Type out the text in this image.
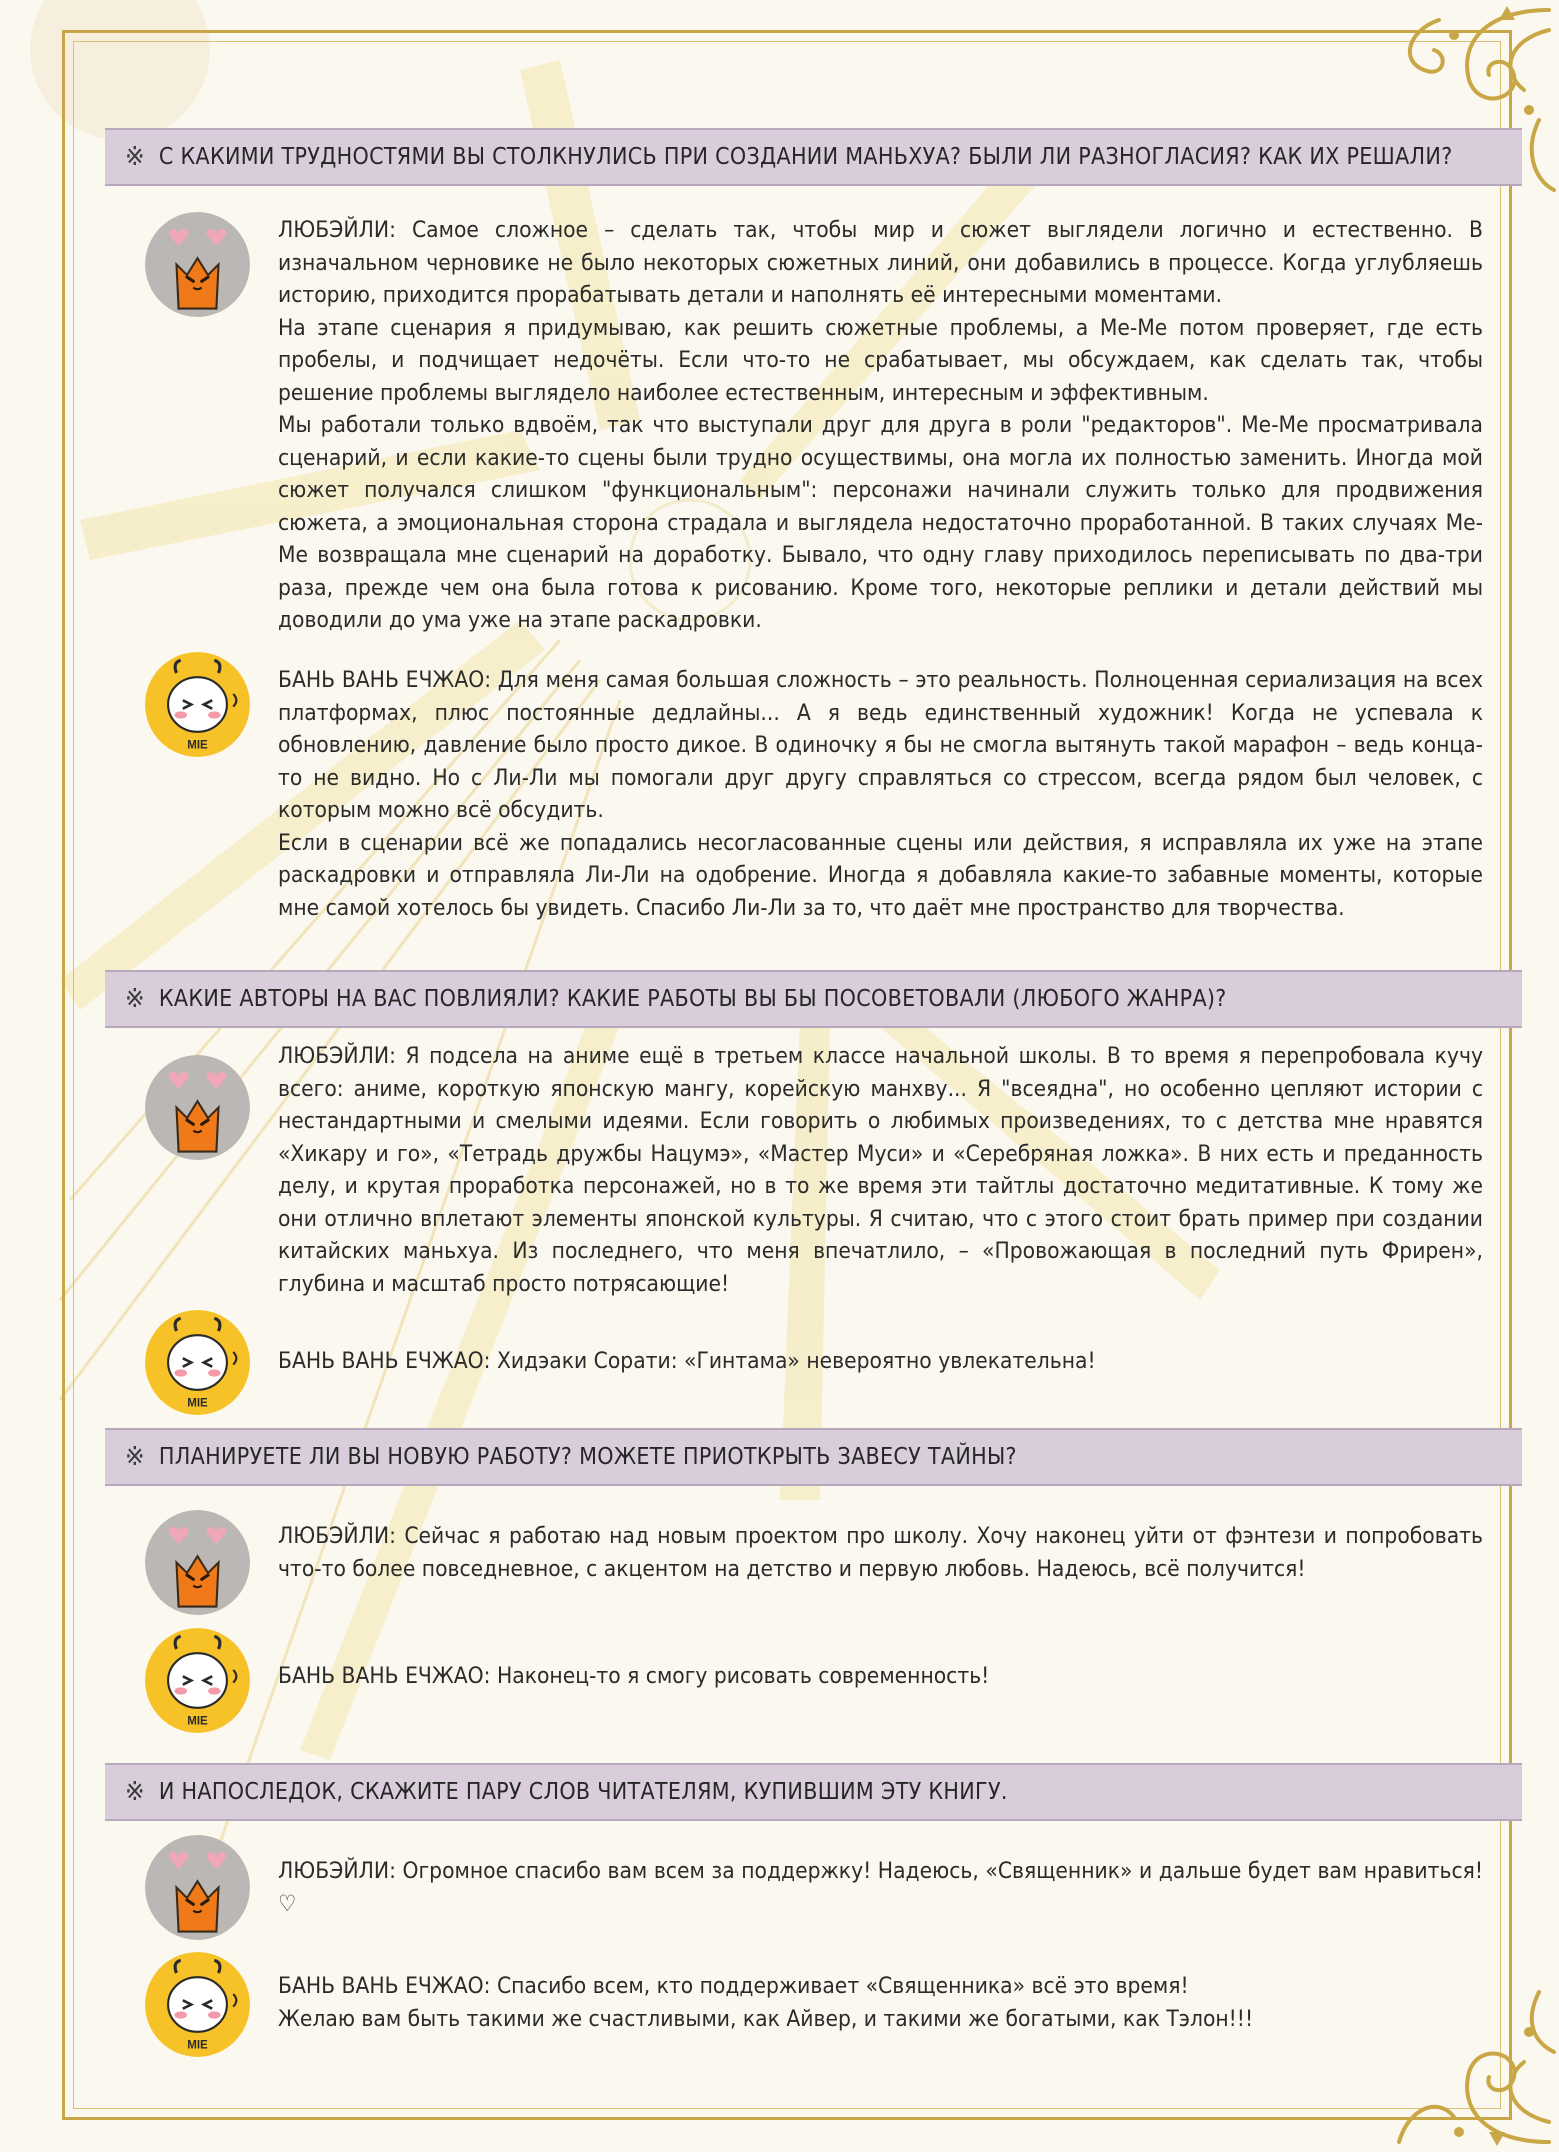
※ С КАКИМИ ТРУДНОСТЯМИ ВЫ СТОЛКНУЛИСЬ ПРИ СОЗДАНИИ МАНЬХУА? БЫЛИ ЛИ РАЗНОГЛАСИЯ? КАК ИХ РЕШАЛИ?

ЛЮБЭЙЛИ: Самое сложное – сделать так, чтобы мир и сюжет выглядели логично и естественно. В изначальном черновике не было некоторых сюжетных линий, они добавились в процессе. Когда углубляешь историю, приходится прорабатывать детали и наполнять её интересными моментами.

На этапе сценария я придумываю, как решить сюжетные проблемы, а Ме-Ме потом проверяет, где есть пробелы, и подчищает недочёты. Если что-то не срабатывает, мы обсуждаем, как сделать так, чтобы решение проблемы выглядело наиболее естественным, интересным и эффективным.

Мы работали только вдвоём, так что выступали друг для друга в роли "редакторов". Ме-Ме просматривала сценарий, и если какие-то сцены были трудно осуществимы, она могла их полностью заменить. Иногда мой сюжет получался слишком "функциональным": персонажи начинали служить только для продвижения сюжета, а эмоциональная сторона страдала и выглядела недостаточно проработанной. В таких случаях Ме-Ме возвращала мне сценарий на доработку. Бывало, что одну главу приходилось переписывать по два-три раза, прежде чем она была готова к рисованию. Кроме того, некоторые реплики и детали действий мы доводили до ума уже на этапе раскадровки.

MIE

БАНЬ ВАНЬ ЕЧЖАО: Для меня самая большая сложность – это реальность. Полноценная сериализация на всех платформах, плюс постоянные дедлайны... А я ведь единственный художник! Когда не успевала к обновлению, давление было просто дикое. В одиночку я бы не смогла вытянуть такой марафон – ведь конца-то не видно. Но с Ли-Ли мы помогали друг другу справляться со стрессом, всегда рядом был человек, с которым можно всё обсудить.

Если в сценарии всё же попадались несогласованные сцены или действия, я исправляла их уже на этапе раскадровки и отправляла Ли-Ли на одобрение. Иногда я добавляла какие-то забавные моменты, которые мне самой хотелось бы увидеть. Спасибо Ли-Ли за то, что даёт мне пространство для творчества.

※ КАКИЕ АВТОРЫ НА ВАС ПОВЛИЯЛИ? КАКИЕ РАБОТЫ ВЫ БЫ ПОСОВЕТОВАЛИ (ЛЮБОГО ЖАНРА)?

ЛЮБЭЙЛИ: Я подсела на аниме ещё в третьем классе начальной школы. В то время я перепробовала кучу всего: аниме, короткую японскую мангу, корейскую манхву... Я "всеядна", но особенно цепляют истории с нестандартными и смелыми идеями. Если говорить о любимых произведениях, то с детства мне нравятся «Хикару и го», «Тетрадь дружбы Нацумэ», «Мастер Муси» и «Серебряная ложка». В них есть и преданность делу, и крутая проработка персонажей, но в то же время эти тайтлы достаточно медитативные. К тому же они отлично вплетают элементы японской культуры. Я считаю, что с этого стоит брать пример при создании китайских маньхуа. Из последнего, что меня впечатлило, – «Провожающая в последний путь Фрирен», глубина и масштаб просто потрясающие!

MIE

БАНЬ ВАНЬ ЕЧЖАО: Хидэаки Сорати: «Гинтама» невероятно увлекательна!

※ ПЛАНИРУЕТЕ ЛИ ВЫ НОВУЮ РАБОТУ? МОЖЕТЕ ПРИОТКРЫТЬ ЗАВЕСУ ТАЙНЫ?

ЛЮБЭЙЛИ: Сейчас я работаю над новым проектом про школу. Хочу наконец уйти от фэнтези и попробовать что-то более повседневное, с акцентом на детство и первую любовь. Надеюсь, всё получится!

MIE

БАНЬ ВАНЬ ЕЧЖАО: Наконец-то я смогу рисовать современность!

※ И НАПОСЛЕДОК, СКАЖИТЕ ПАРУ СЛОВ ЧИТАТЕЛЯМ, КУПИВШИМ ЭТУ КНИГУ.

ЛЮБЭЙЛИ: Огромное спасибо вам всем за поддержку! Надеюсь, «Священник» и дальше будет вам нравиться! ♡

MIE

БАНЬ ВАНЬ ЕЧЖАО: Спасибо всем, кто поддерживает «Священника» всё это время!

Желаю вам быть такими же счастливыми, как Айвер, и такими же богатыми, как Тэлон!!!
